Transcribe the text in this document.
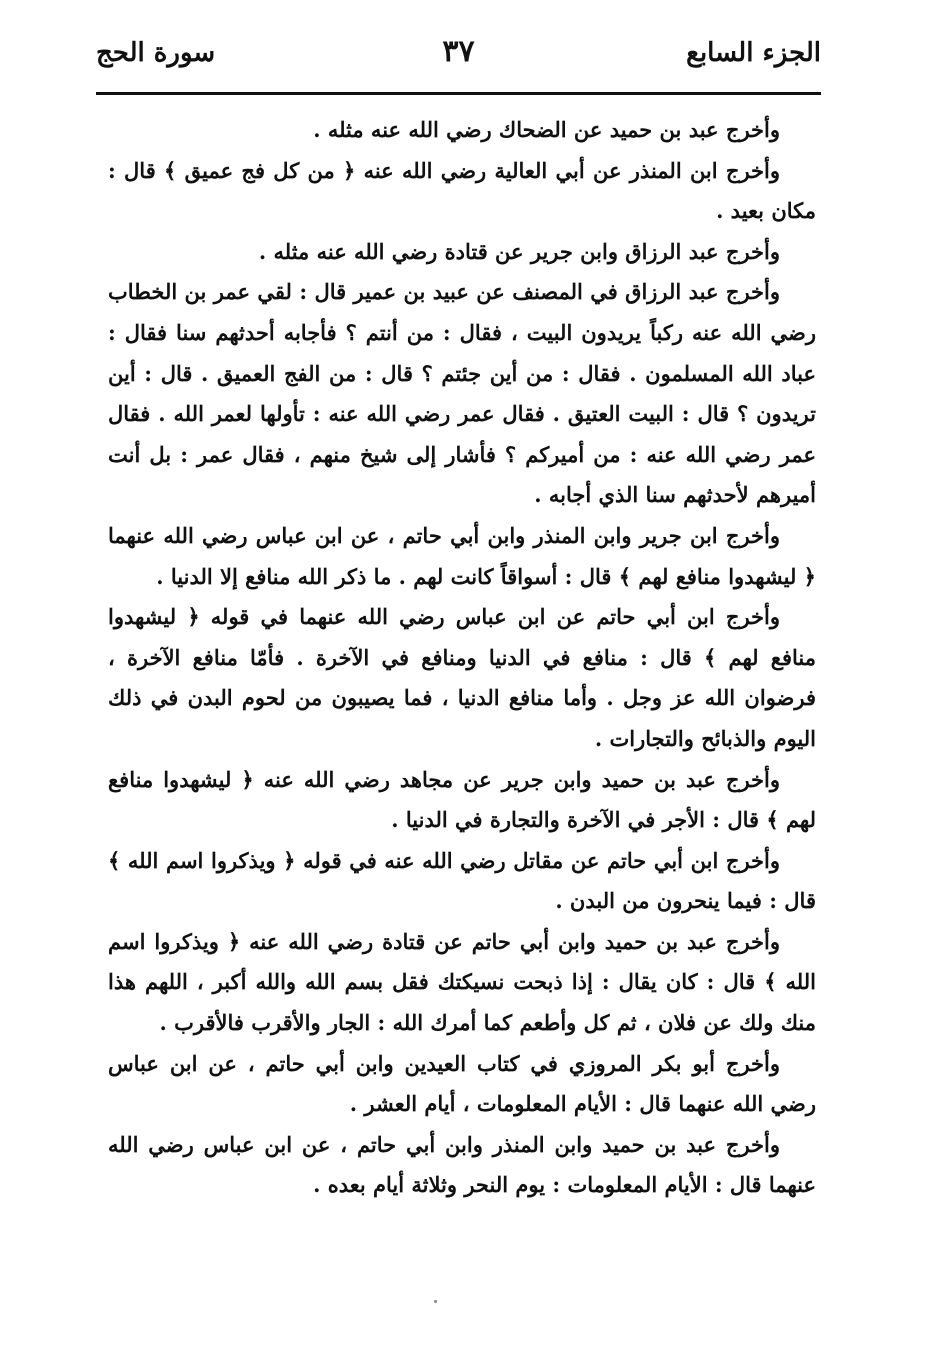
الجزء السابع
٣٧
سورة الحج

وأخرج عبد بن حميد عن الضحاك رضي الله عنه مثله .

وأخرج ابن المنذر عن أبي العالية رضي الله عنه ﴿ من كل فج عميق ﴾ قال : مكان بعيد .

وأخرج عبد الرزاق وابن جرير عن قتادة رضي الله عنه مثله .

وأخرج عبد الرزاق في المصنف عن عبيد بن عمير قال : لقي عمر بن الخطاب رضي الله عنه ركباً يريدون البيت ، فقال : من أنتم ؟ فأجابه أحدثهم سنا فقال : عباد الله المسلمون . فقال : من أين جئتم ؟ قال : من الفج العميق . قال : أين تريدون ؟ قال : البيت العتيق . فقال عمر رضي الله عنه : تأولها لعمر الله . فقال عمر رضي الله عنه : من أميركم ؟ فأشار إلى شيخ منهم ، فقال عمر : بل أنت أميرهم لأحدثهم سنا الذي أجابه .

وأخرج ابن جرير وابن المنذر وابن أبي حاتم ، عن ابن عباس رضي الله عنهما ﴿ ليشهدوا منافع لهم ﴾ قال : أسواقاً كانت لهم . ما ذكر الله منافع إلا الدنيا .

وأخرج ابن أبي حاتم عن ابن عباس رضي الله عنهما في قوله ﴿ ليشهدوا منافع لهم ﴾ قال : منافع في الدنيا ومنافع في الآخرة . فأمّا منافع الآخرة ، فرضوان الله عز وجل . وأما منافع الدنيا ، فما يصيبون من لحوم البدن في ذلك اليوم والذبائح والتجارات .

وأخرج عبد بن حميد وابن جرير عن مجاهد رضي الله عنه ﴿ ليشهدوا منافع لهم ﴾ قال : الأجر في الآخرة والتجارة في الدنيا .

وأخرج ابن أبي حاتم عن مقاتل رضي الله عنه في قوله ﴿ ويذكروا اسم الله ﴾ قال : فيما ينحرون من البدن .

وأخرج عبد بن حميد وابن أبي حاتم عن قتادة رضي الله عنه ﴿ ويذكروا اسم الله ﴾ قال : كان يقال : إذا ذبحت نسيكتك فقل بسم الله والله أكبر ، اللهم هذا منك ولك عن فلان ، ثم كل وأطعم كما أمرك الله : الجار والأقرب فالأقرب .

وأخرج أبو بكر المروزي في كتاب العيدين وابن أبي حاتم ، عن ابن عباس رضي الله عنهما قال : الأيام المعلومات ، أيام العشر .

وأخرج عبد بن حميد وابن المنذر وابن أبي حاتم ، عن ابن عباس رضي الله عنهما قال : الأيام المعلومات : يوم النحر وثلاثة أيام بعده .
